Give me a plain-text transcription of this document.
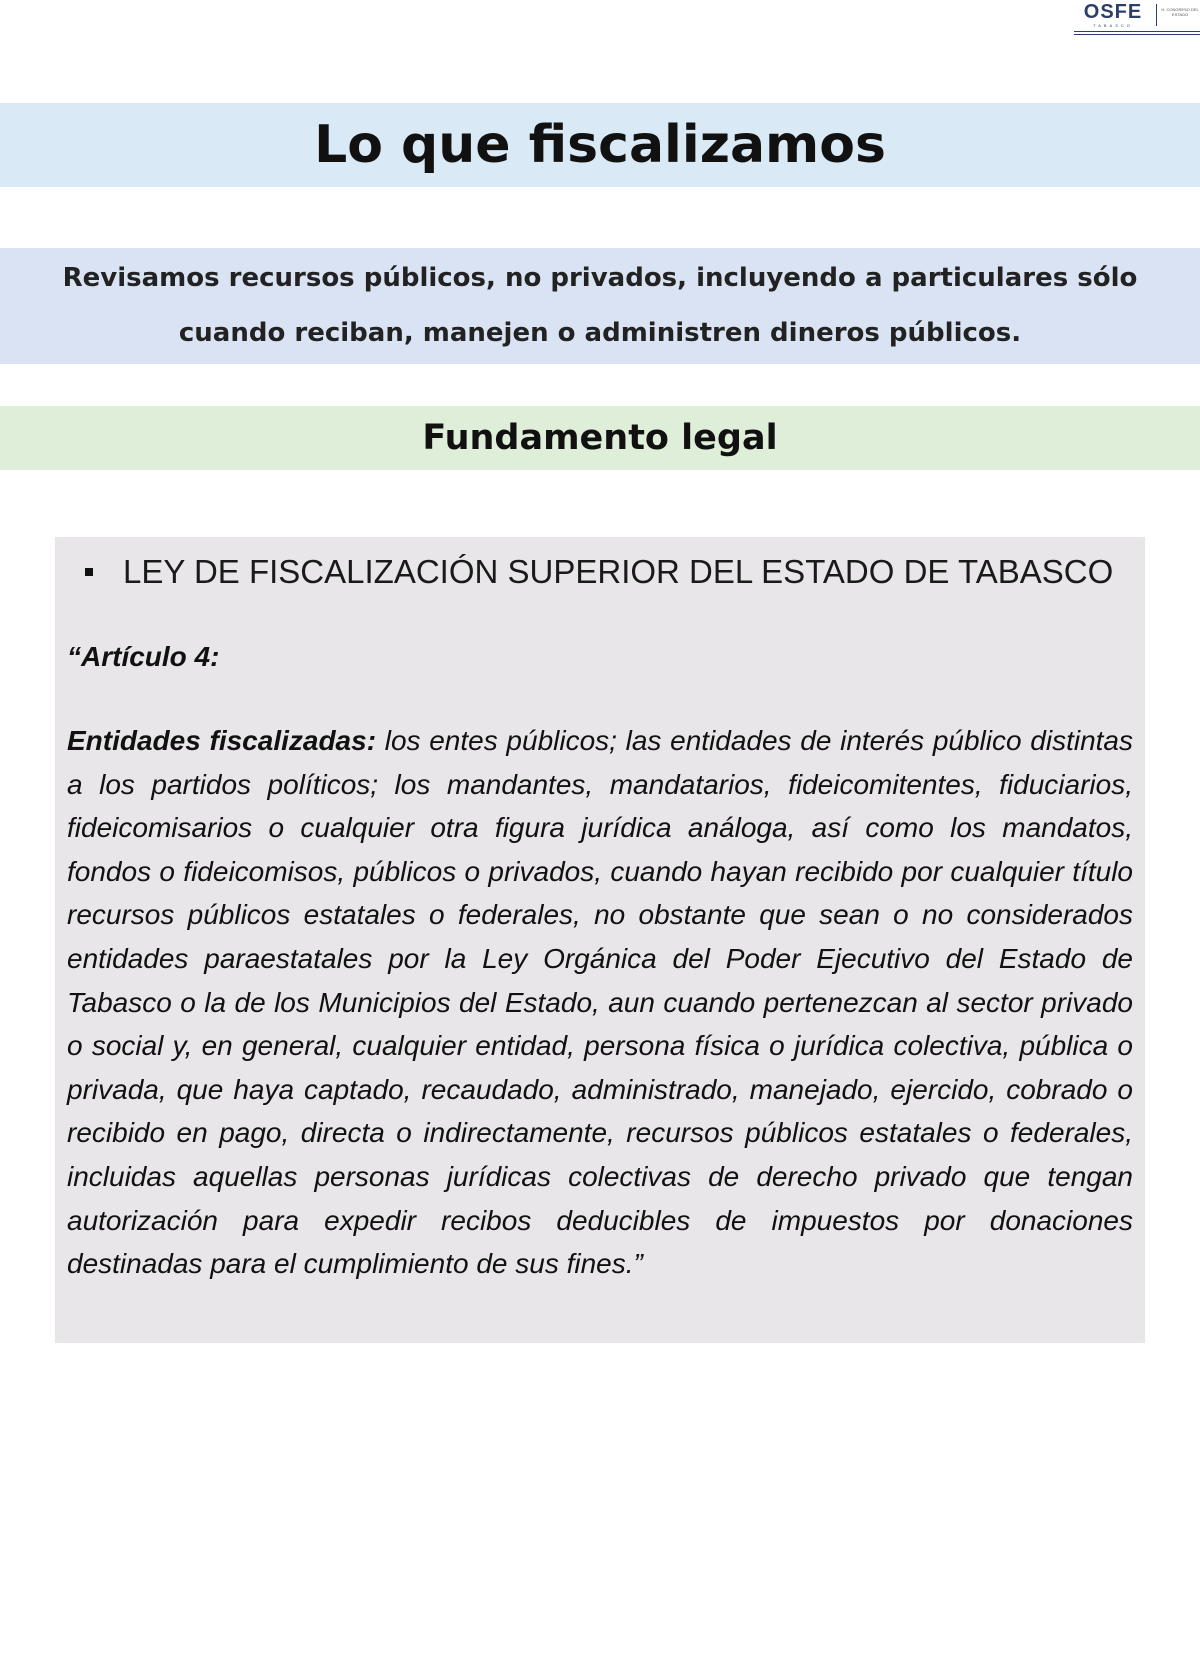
OSFE
TABASCO
H. CONGRESO DEL ESTADO
Lo que fiscalizamos

Revisamos recursos públicos, no privados, incluyendo a particulares sólo
cuando reciban, manejen o administren dineros públicos.

Fundamento legal
LEY DE FISCALIZACIÓN SUPERIOR DEL ESTADO DE TABASCO
“Artículo 4:

Entidades fiscalizadas: los entes públicos; las entidades de interés público distintas a los partidos políticos; los mandantes, mandatarios, fideicomitentes, fiduciarios, fideicomisarios o cualquier otra figura jurídica análoga, así como los mandatos, fondos o fideicomisos, públicos o privados, cuando hayan recibido por cualquier título recursos públicos estatales o federales, no obstante que sean o no considerados entidades paraestatales por la Ley Orgánica del Poder Ejecutivo del Estado de Tabasco o la de los Municipios del Estado, aun cuando pertenezcan al sector privado o social y, en general, cualquier entidad, persona física o jurídica colectiva, pública o privada, que haya captado, recaudado, administrado, manejado, ejercido, cobrado o recibido en pago, directa o indirectamente, recursos públicos estatales o federales, incluidas aquellas personas jurídicas colectivas de derecho privado que tengan autorización para expedir recibos deducibles de impuestos por donaciones destinadas para el cumplimiento de sus fines.”
